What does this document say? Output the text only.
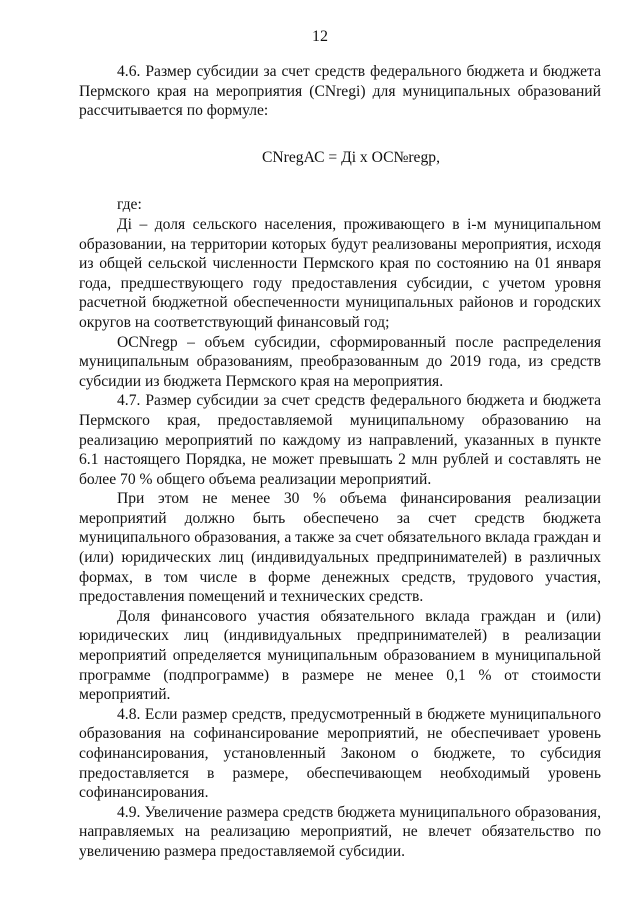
12

4.6. Размер субсидии за счет средств федерального бюджета и бюджета Пермского края на мероприятия (CNregi) для муниципальных образований рассчитывается по формуле:

CNregАС = Дi x ОС№regр,

где:

Дi – доля сельского населения, проживающего в i-м муниципальном образовании, на территории которых будут реализованы мероприятия, исходя из общей сельской численности Пермского края по состоянию на 01 января года, предшествующего году предоставления субсидии, с учетом уровня расчетной бюджетной обеспеченности муниципальных районов и городских округов на соответствующий финансовый год;

OCNregр – объем субсидии, сформированный после распределения муниципальным образованиям, преобразованным до 2019 года, из средств субсидии из бюджета Пермского края на мероприятия.

4.7. Размер субсидии за счет средств федерального бюджета и бюджета Пермского края, предоставляемой муниципальному образованию на реализацию мероприятий по каждому из направлений, указанных в пункте 6.1 настоящего Порядка, не может превышать 2 млн рублей и составлять не более 70 % общего объема реализации мероприятий.

При этом не менее 30 % объема финансирования реализации мероприятий должно быть обеспечено за счет средств бюджета муниципального образования, а также за счет обязательного вклада граждан и (или) юридических лиц (индивидуальных предпринимателей) в различных формах, в том числе в форме денежных средств, трудового участия, предоставления помещений и технических средств.

Доля финансового участия обязательного вклада граждан и (или) юридических лиц (индивидуальных предпринимателей) в реализации мероприятий определяется муниципальным образованием в муниципальной программе (подпрограмме) в размере не менее 0,1 % от стоимости мероприятий.

4.8. Если размер средств, предусмотренный в бюджете муниципального образования на софинансирование мероприятий, не обеспечивает уровень софинансирования, установленный Законом о бюджете, то субсидия предоставляется в размере, обеспечивающем необходимый уровень софинансирования.

4.9. Увеличение размера средств бюджета муниципального образования, направляемых на реализацию мероприятий, не влечет обязательство по увеличению размера предоставляемой субсидии.
